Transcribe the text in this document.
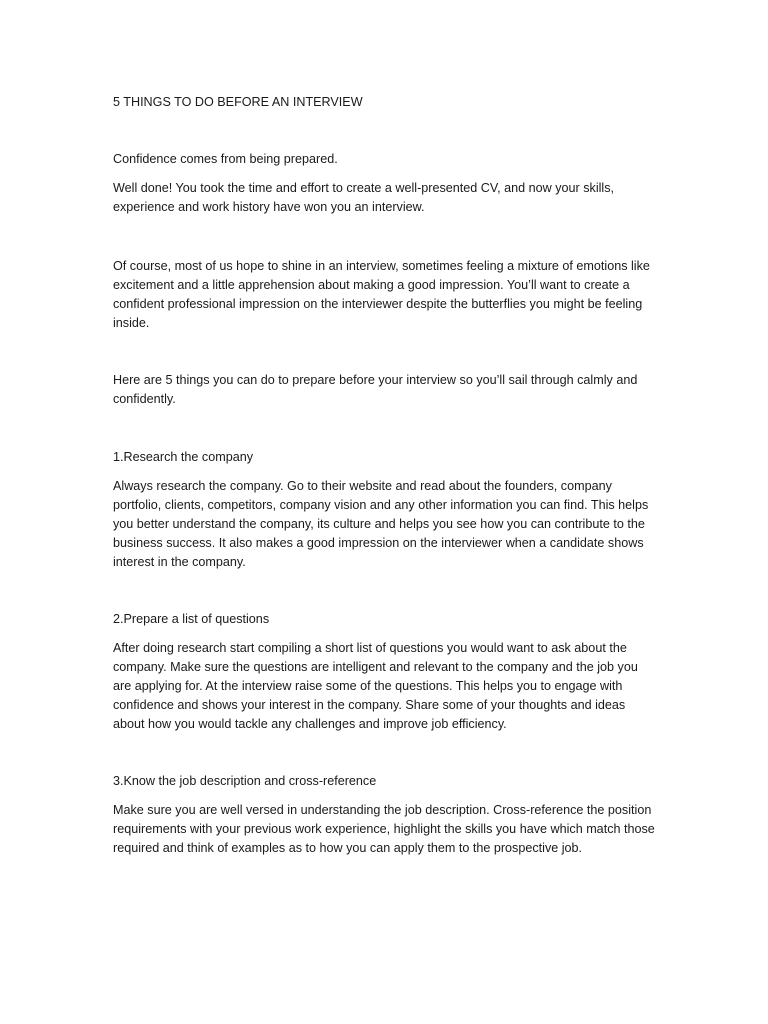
5 THINGS TO DO BEFORE AN INTERVIEW

Confidence comes from being prepared.

Well done! You took the time and effort to create a well-presented CV, and now your skills, experience and work history have won you an interview.

Of course, most of us hope to shine in an interview, sometimes feeling a mixture of emotions like excitement and a little apprehension about making a good impression. You’ll want to create a confident professional impression on the interviewer despite the butterflies you might be feeling inside.

Here are 5 things you can do to prepare before your interview so you’ll sail through calmly and confidently.

1.Research the company

Always research the company. Go to their website and read about the founders, company portfolio, clients, competitors, company vision and any other information you can find. This helps you better understand the company, its culture and helps you see how you can contribute to the business success. It also makes a good impression on the interviewer when a candidate shows interest in the company.

2.Prepare a list of questions

After doing research start compiling a short list of questions you would want to ask about the company. Make sure the questions are intelligent and relevant to the company and the job you are applying for. At the interview raise some of the questions. This helps you to engage with confidence and shows your interest in the company. Share some of your thoughts and ideas about how you would tackle any challenges and improve job efficiency.

3.Know the job description and cross-reference

Make sure you are well versed in understanding the job description. Cross-reference the position requirements with your previous work experience, highlight the skills you have which match those required and think of examples as to how you can apply them to the prospective job.
